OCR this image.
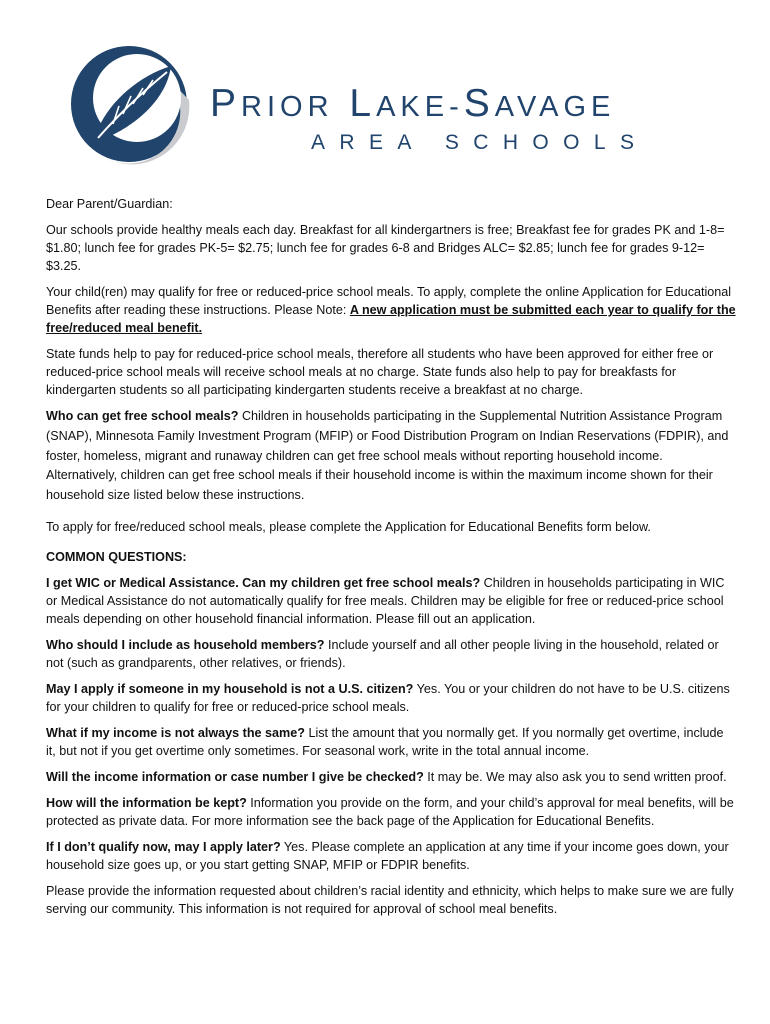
PRIOR LAKE-SAVAGE
AREA SCHOOLS

Dear Parent/Guardian:

Our schools provide healthy meals each day. Breakfast for all kindergartners is free; Breakfast fee for grades PK and 1-8= $1.80; lunch fee for grades PK-5= $2.75; lunch fee for grades 6-8 and Bridges ALC= $2.85; lunch fee for grades 9-12= $3.25.

Your child(ren) may qualify for free or reduced-price school meals. To apply, complete the online Application for Educational Benefits after reading these instructions. Please Note: A new application must be submitted each year to qualify for the free/reduced meal benefit.

State funds help to pay for reduced-price school meals, therefore all students who have been approved for either free or reduced-price school meals will receive school meals at no charge. State funds also help to pay for breakfasts for kindergarten students so all participating kindergarten students receive a breakfast at no charge.

Who can get free school meals? Children in households participating in the Supplemental Nutrition Assistance Program (SNAP), Minnesota Family Investment Program (MFIP) or Food Distribution Program on Indian Reservations (FDPIR), and foster, homeless, migrant and runaway children can get free school meals without reporting household income. Alternatively, children can get free school meals if their household income is within the maximum income shown for their household size listed below these instructions.

To apply for free/reduced school meals, please complete the Application for Educational Benefits form below.

COMMON QUESTIONS:

I get WIC or Medical Assistance. Can my children get free school meals? Children in households participating in WIC or Medical Assistance do not automatically qualify for free meals. Children may be eligible for free or reduced-price school meals depending on other household financial information. Please fill out an application.

Who should I include as household members? Include yourself and all other people living in the household, related or not (such as grandparents, other relatives, or friends).

May I apply if someone in my household is not a U.S. citizen? Yes. You or your children do not have to be U.S. citizens for your children to qualify for free or reduced-price school meals.

What if my income is not always the same? List the amount that you normally get. If you normally get overtime, include it, but not if you get overtime only sometimes. For seasonal work, write in the total annual income.

Will the income information or case number I give be checked? It may be. We may also ask you to send written proof.

How will the information be kept? Information you provide on the form, and your child’s approval for meal benefits, will be protected as private data. For more information see the back page of the Application for Educational Benefits.

If I don’t qualify now, may I apply later? Yes. Please complete an application at any time if your income goes down, your household size goes up, or you start getting SNAP, MFIP or FDPIR benefits.

Please provide the information requested about children’s racial identity and ethnicity, which helps to make sure we are fully serving our community. This information is not required for approval of school meal benefits.
